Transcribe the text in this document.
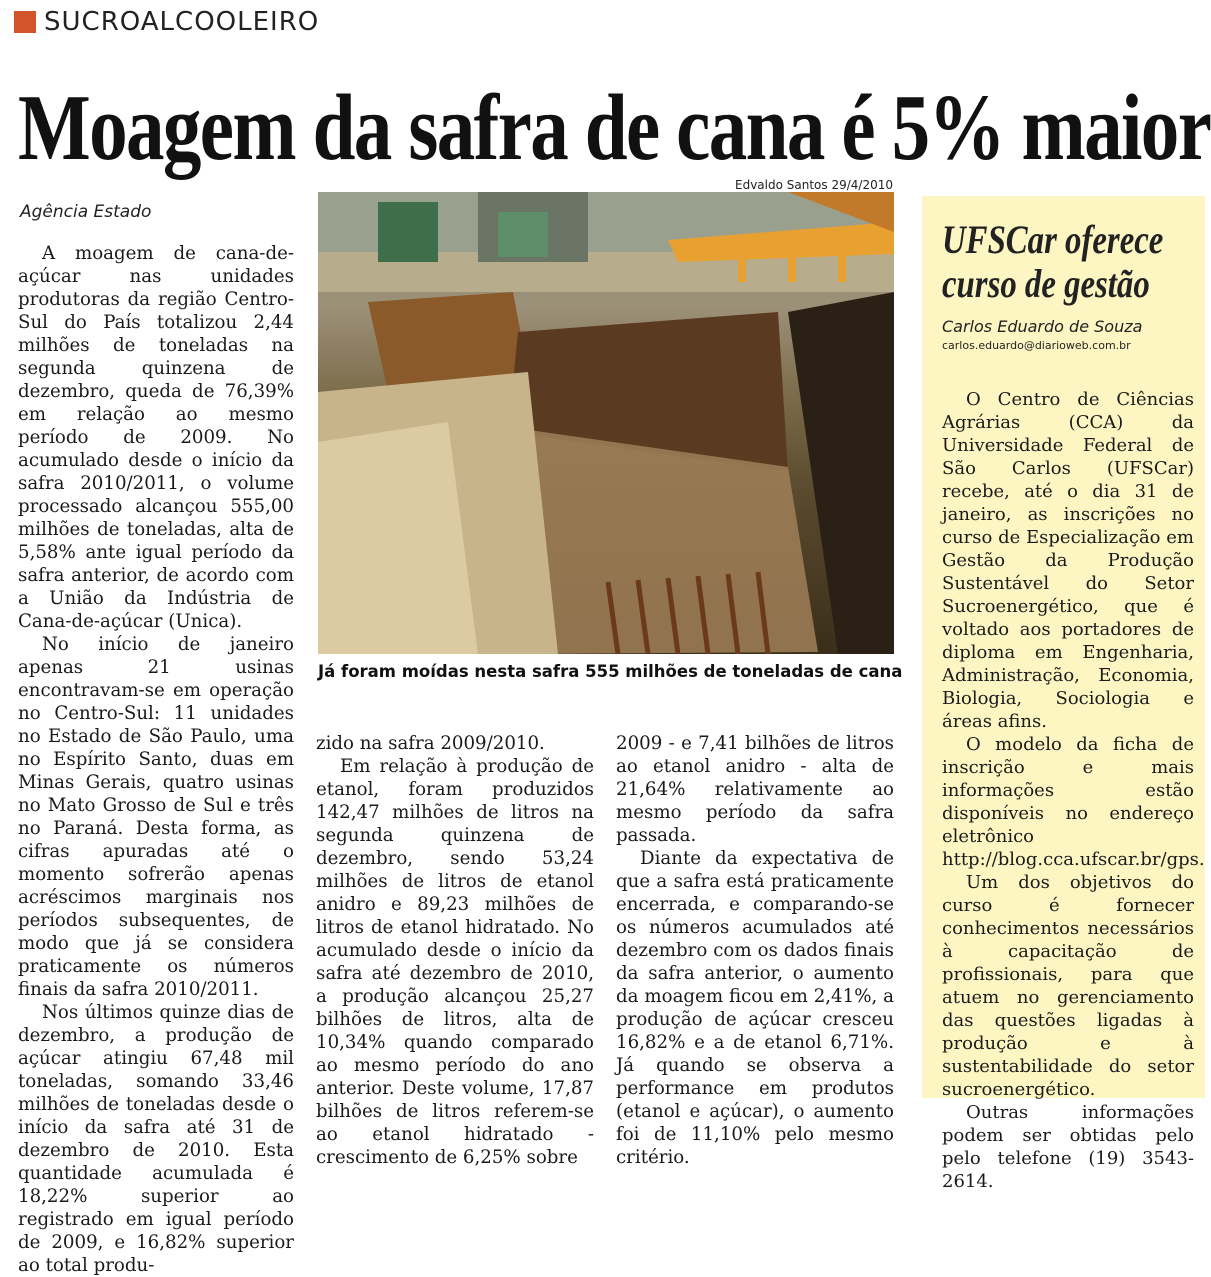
SUCROALCOOLEIRO
Moagem da safra de cana é 5% maior
Agência Estado
Edvaldo Santos 29/4/2010

A moagem de cana-de-açúcar nas unidades produtoras da região Centro-Sul do País totalizou 2,44 milhões de toneladas na segunda quinzena de dezembro, queda de 76,39% em relação ao mesmo período de 2009. No acumulado desde o início da safra 2010/2011, o volume processado alcançou 555,00 milhões de toneladas, alta de 5,58% ante igual período da safra anterior, de acordo com a União da Indústria de Cana-de-açúcar (Unica).

No início de janeiro apenas 21 usinas encontravam-se em operação no Centro-Sul: 11 unidades no Estado de São Paulo, uma no Espírito Santo, duas em Minas Gerais, quatro usinas no Mato Grosso de Sul e três no Paraná. Desta forma, as cifras apuradas até o momento sofrerão apenas acréscimos marginais nos períodos subsequentes, de modo que já se considera praticamente os números finais da safra 2010/2011.

Nos últimos quinze dias de dezembro, a produção de açúcar atingiu 67,48 mil toneladas, somando 33,46 milhões de toneladas desde o início da safra até 31 de dezembro de 2010. Esta quantidade acumulada é 18,22% superior ao registrado em igual período de 2009, e 16,82% superior ao total produ-

Já foram moídas nesta safra 555 milhões de toneladas de cana

zido na safra 2009/2010.

Em relação à produção de etanol, foram produzidos 142,47 milhões de litros na segunda quinzena de dezembro, sendo 53,24 milhões de litros de etanol anidro e 89,23 milhões de litros de etanol hidratado. No acumulado desde o início da safra até dezembro de 2010, a produção alcançou 25,27 bilhões de litros, alta de 10,34% quando comparado ao mesmo período do ano anterior. Deste volume, 17,87 bilhões de litros referem-se ao etanol hidratado - crescimento de 6,25% sobre

2009 - e 7,41 bilhões de litros ao etanol anidro - alta de 21,64% relativamente ao mesmo período da safra passada.

Diante da expectativa de que a safra está praticamente encerrada, e comparando-se os números acumulados até dezembro com os dados finais da safra anterior, o aumento da moagem ficou em 2,41%, a produção de açúcar cresceu 16,82% e a de etanol 6,71%. Já quando se observa a performance em produtos (etanol e açúcar), o aumento foi de 11,10% pelo mesmo critério.

UFSCar oferece
curso de gestão
Carlos Eduardo de Souza
carlos.eduardo@diarioweb.com.br

O Centro de Ciências Agrárias (CCA) da Universidade Federal de São Carlos (UFSCar) recebe, até o dia 31 de janeiro, as inscrições no curso de Especialização em Gestão da Produção Sustentável do Setor Sucroenergético, que é voltado aos portadores de diploma em Engenharia, Administração, Economia, Biologia, Sociologia e áreas afins.

O modelo da ficha de inscrição e mais informações estão disponíveis no endereço eletrônico http://blog.cca.ufscar.br/gps.

Um dos objetivos do curso é fornecer conhecimentos necessários à capacitação de profissionais, para que atuem no gerenciamento das questões ligadas à produção e à sustentabilidade do setor sucroenergético.

Outras informações podem ser obtidas pelo pelo telefone (19) 3543-2614.
